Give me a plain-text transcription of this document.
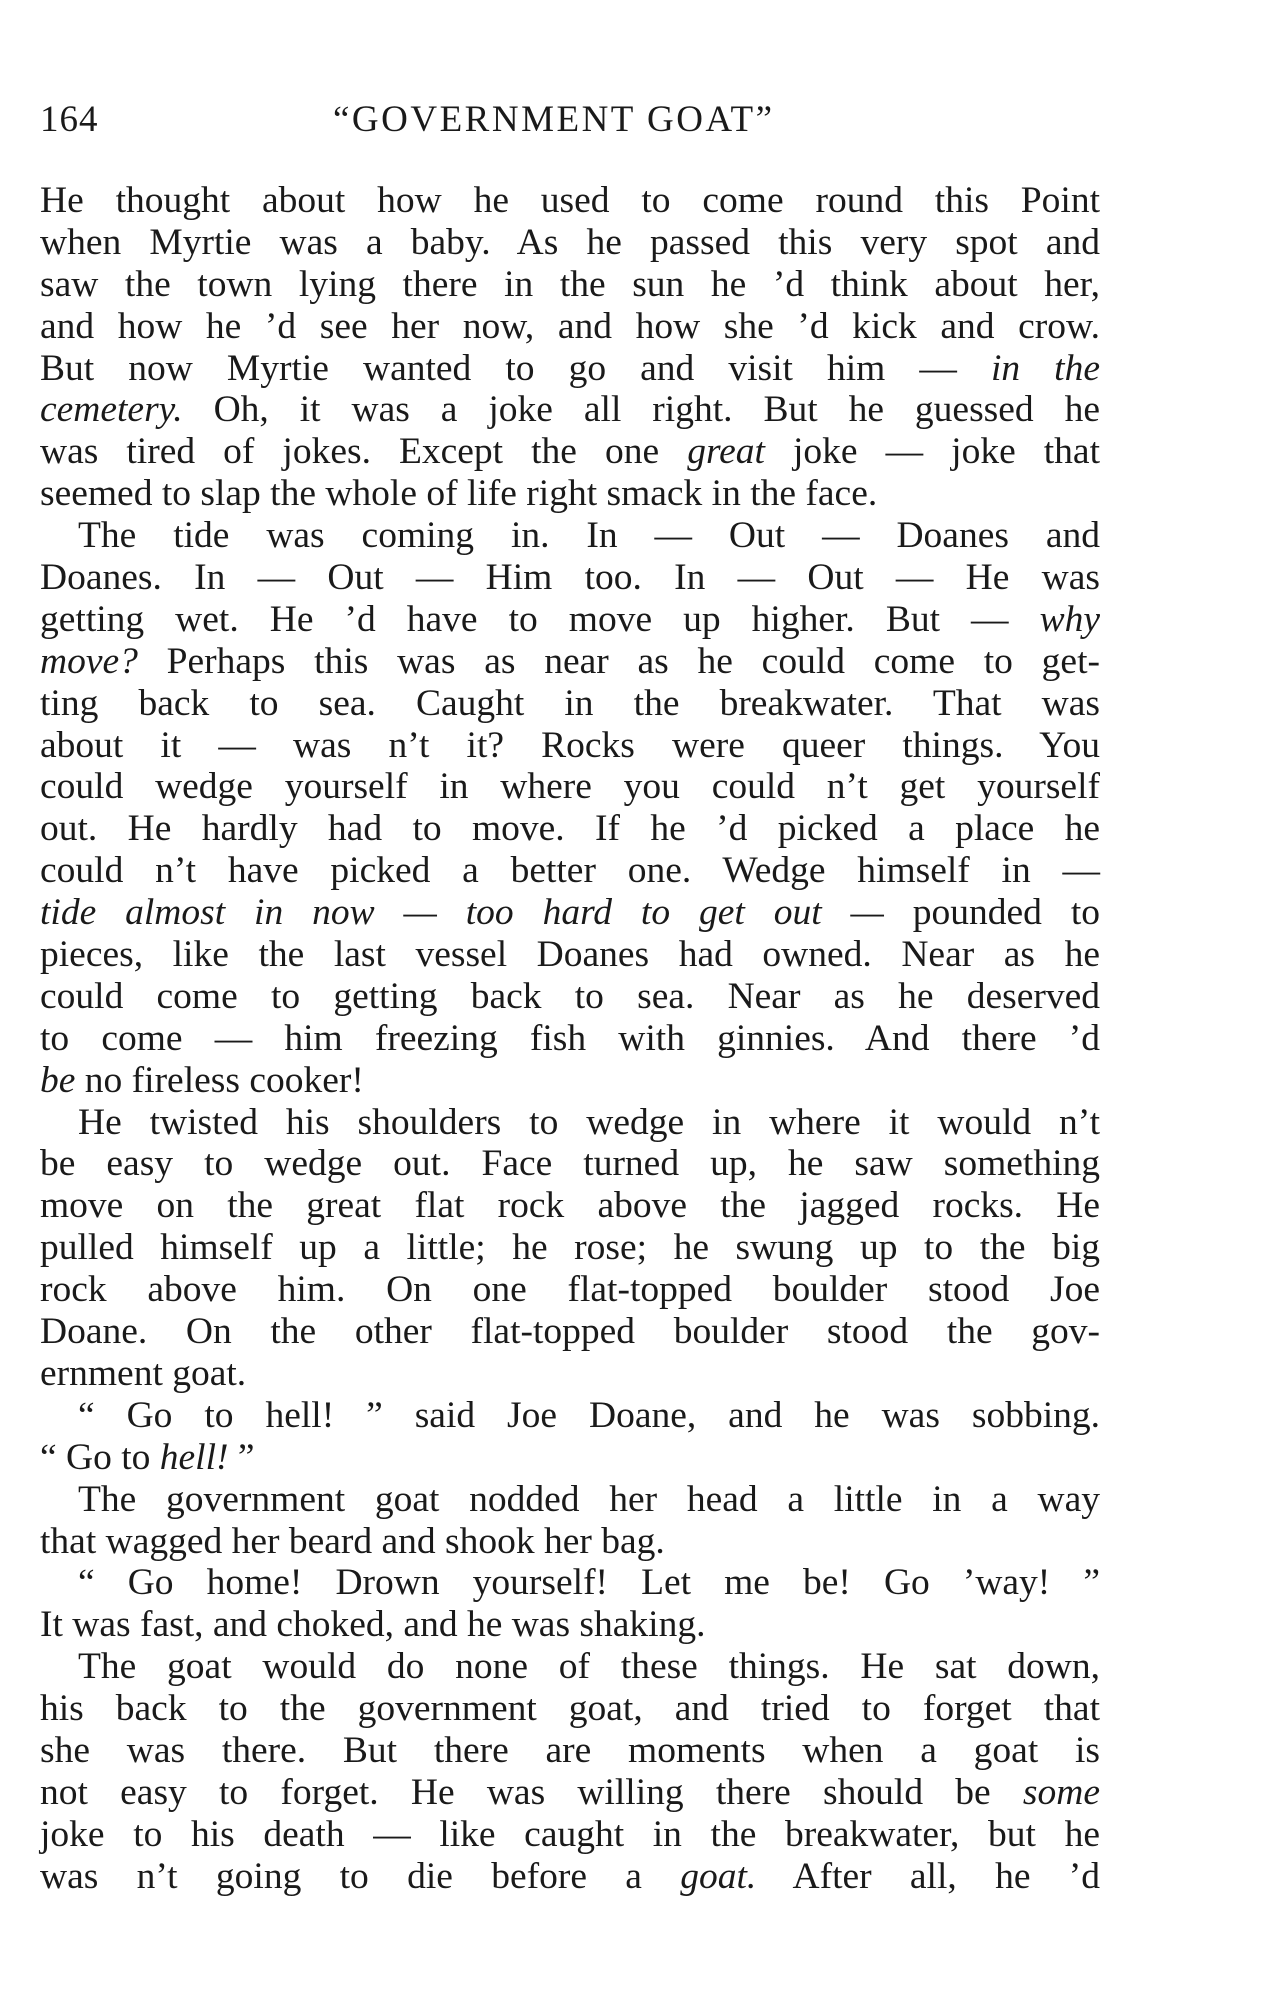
164	“GOVERNMENT GOAT”
He thought about how he used to come round this Point
when Myrtie was a baby. As he passed this very spot and
saw the town lying there in the sun he ’d think about her,
and how he ’d see her now, and how she ’d kick and crow.
But now Myrtie wanted to go and visit him — in the
cemetery. Oh, it was a joke all right. But he guessed he
was tired of jokes. Except the one great joke — joke that
seemed to slap the whole of life right smack in the face.
The tide was coming in. In — Out — Doanes and
Doanes. In — Out — Him too. In — Out — He was
getting wet. He ’d have to move up higher. But — why
move? Perhaps this was as near as he could come to get-
ting back to sea. Caught in the breakwater. That was
about it — was n’t it? Rocks were queer things. You
could wedge yourself in where you could n’t get yourself
out. He hardly had to move. If he ’d picked a place he
could n’t have picked a better one. Wedge himself in —
tide almost in now — too hard to get out — pounded to
pieces, like the last vessel Doanes had owned. Near as he
could come to getting back to sea. Near as he deserved
to come — him freezing fish with ginnies. And there ’d
be no fireless cooker!
He twisted his shoulders to wedge in where it would n’t
be easy to wedge out. Face turned up, he saw something
move on the great flat rock above the jagged rocks. He
pulled himself up a little; he rose; he swung up to the big
rock above him. On one flat-topped boulder stood Joe
Doane. On the other flat-topped boulder stood the gov-
ernment goat.
“ Go to hell! ” said Joe Doane, and he was sobbing.
“ Go to hell! ”
The government goat nodded her head a little in a way
that wagged her beard and shook her bag.
“ Go home! Drown yourself! Let me be! Go ’way! ”
It was fast, and choked, and he was shaking.
The goat would do none of these things. He sat down,
his back to the government goat, and tried to forget that
she was there. But there are moments when a goat is
not easy to forget. He was willing there should be some
joke to his death — like caught in the breakwater, but he
was n’t going to die before a goat. After all, he ’d
